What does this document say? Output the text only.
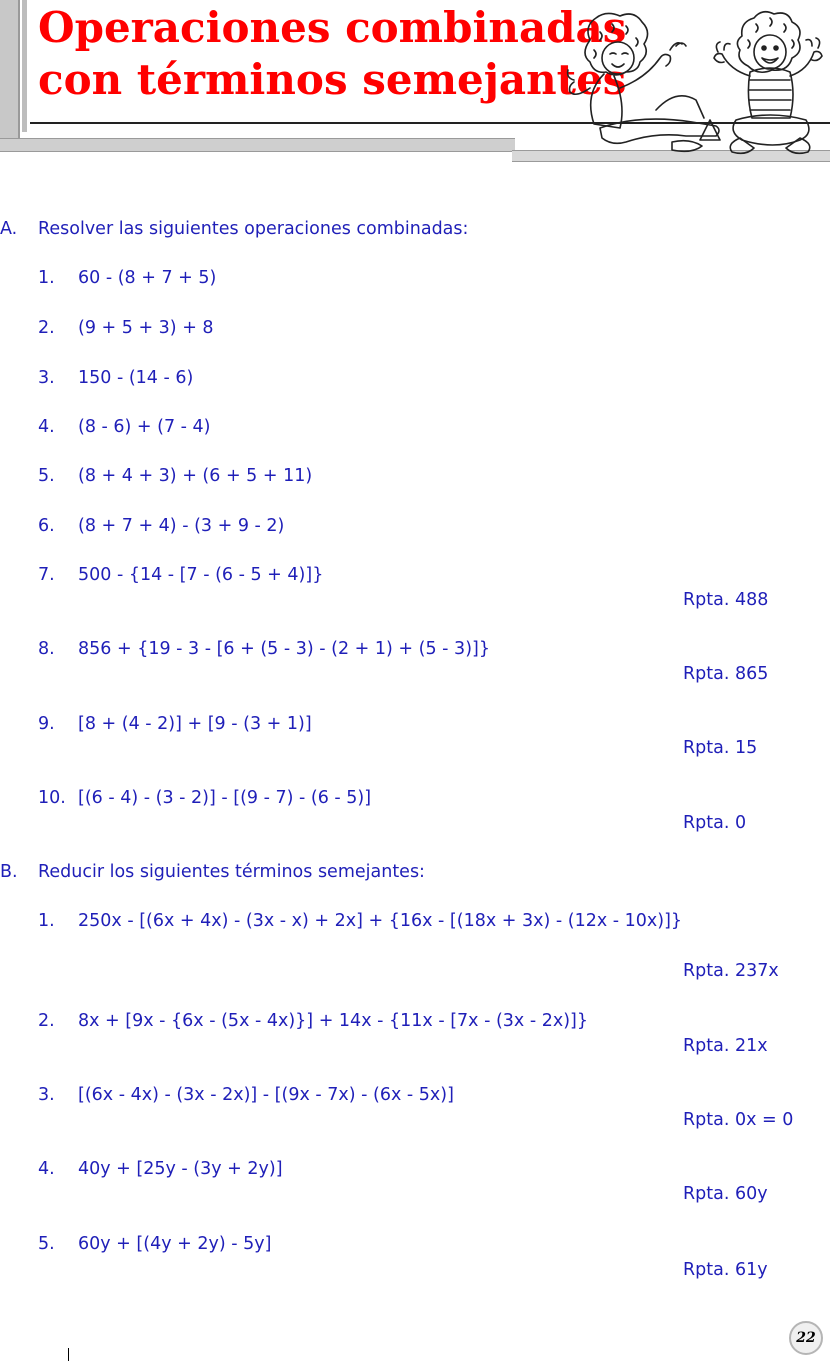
Operaciones combinadas
con términos semejantes
A. Resolver las siguientes operaciones combinadas:
1. 60 - (8 + 7 + 5)
2. (9 + 5 + 3) + 8
3. 150 - (14 - 6)
4. (8 - 6) + (7 - 4)
5. (8 + 4 + 3) + (6 + 5 + 11)
6. (8 + 7 + 4) - (3 + 9 - 2)
7. 500 - {14 - [7 - (6 - 5 + 4)]}
Rpta. 488
8. 856 + {19 - 3 - [6 + (5 - 3) - (2 + 1) + (5 - 3)]}
Rpta. 865
9. [8 + (4 - 2)] + [9 - (3 + 1)]
Rpta. 15
10. [(6 - 4) - (3 - 2)] - [(9 - 7) - (6 - 5)]
Rpta. 0
B. Reducir los siguientes términos semejantes:
1. 250x - [(6x + 4x) - (3x - x) + 2x] + {16x - [(18x + 3x) - (12x - 10x)]}
Rpta. 237x
2. 8x + [9x - {6x - (5x - 4x)}] + 14x - {11x - [7x - (3x - 2x)]}
Rpta. 21x
3. [(6x - 4x) - (3x - 2x)] - [(9x - 7x) - (6x - 5x)]
Rpta. 0x = 0
4. 40y + [25y - (3y + 2y)]
Rpta. 60y
5. 60y + [(4y + 2y) - 5y]
Rpta. 61y
22
